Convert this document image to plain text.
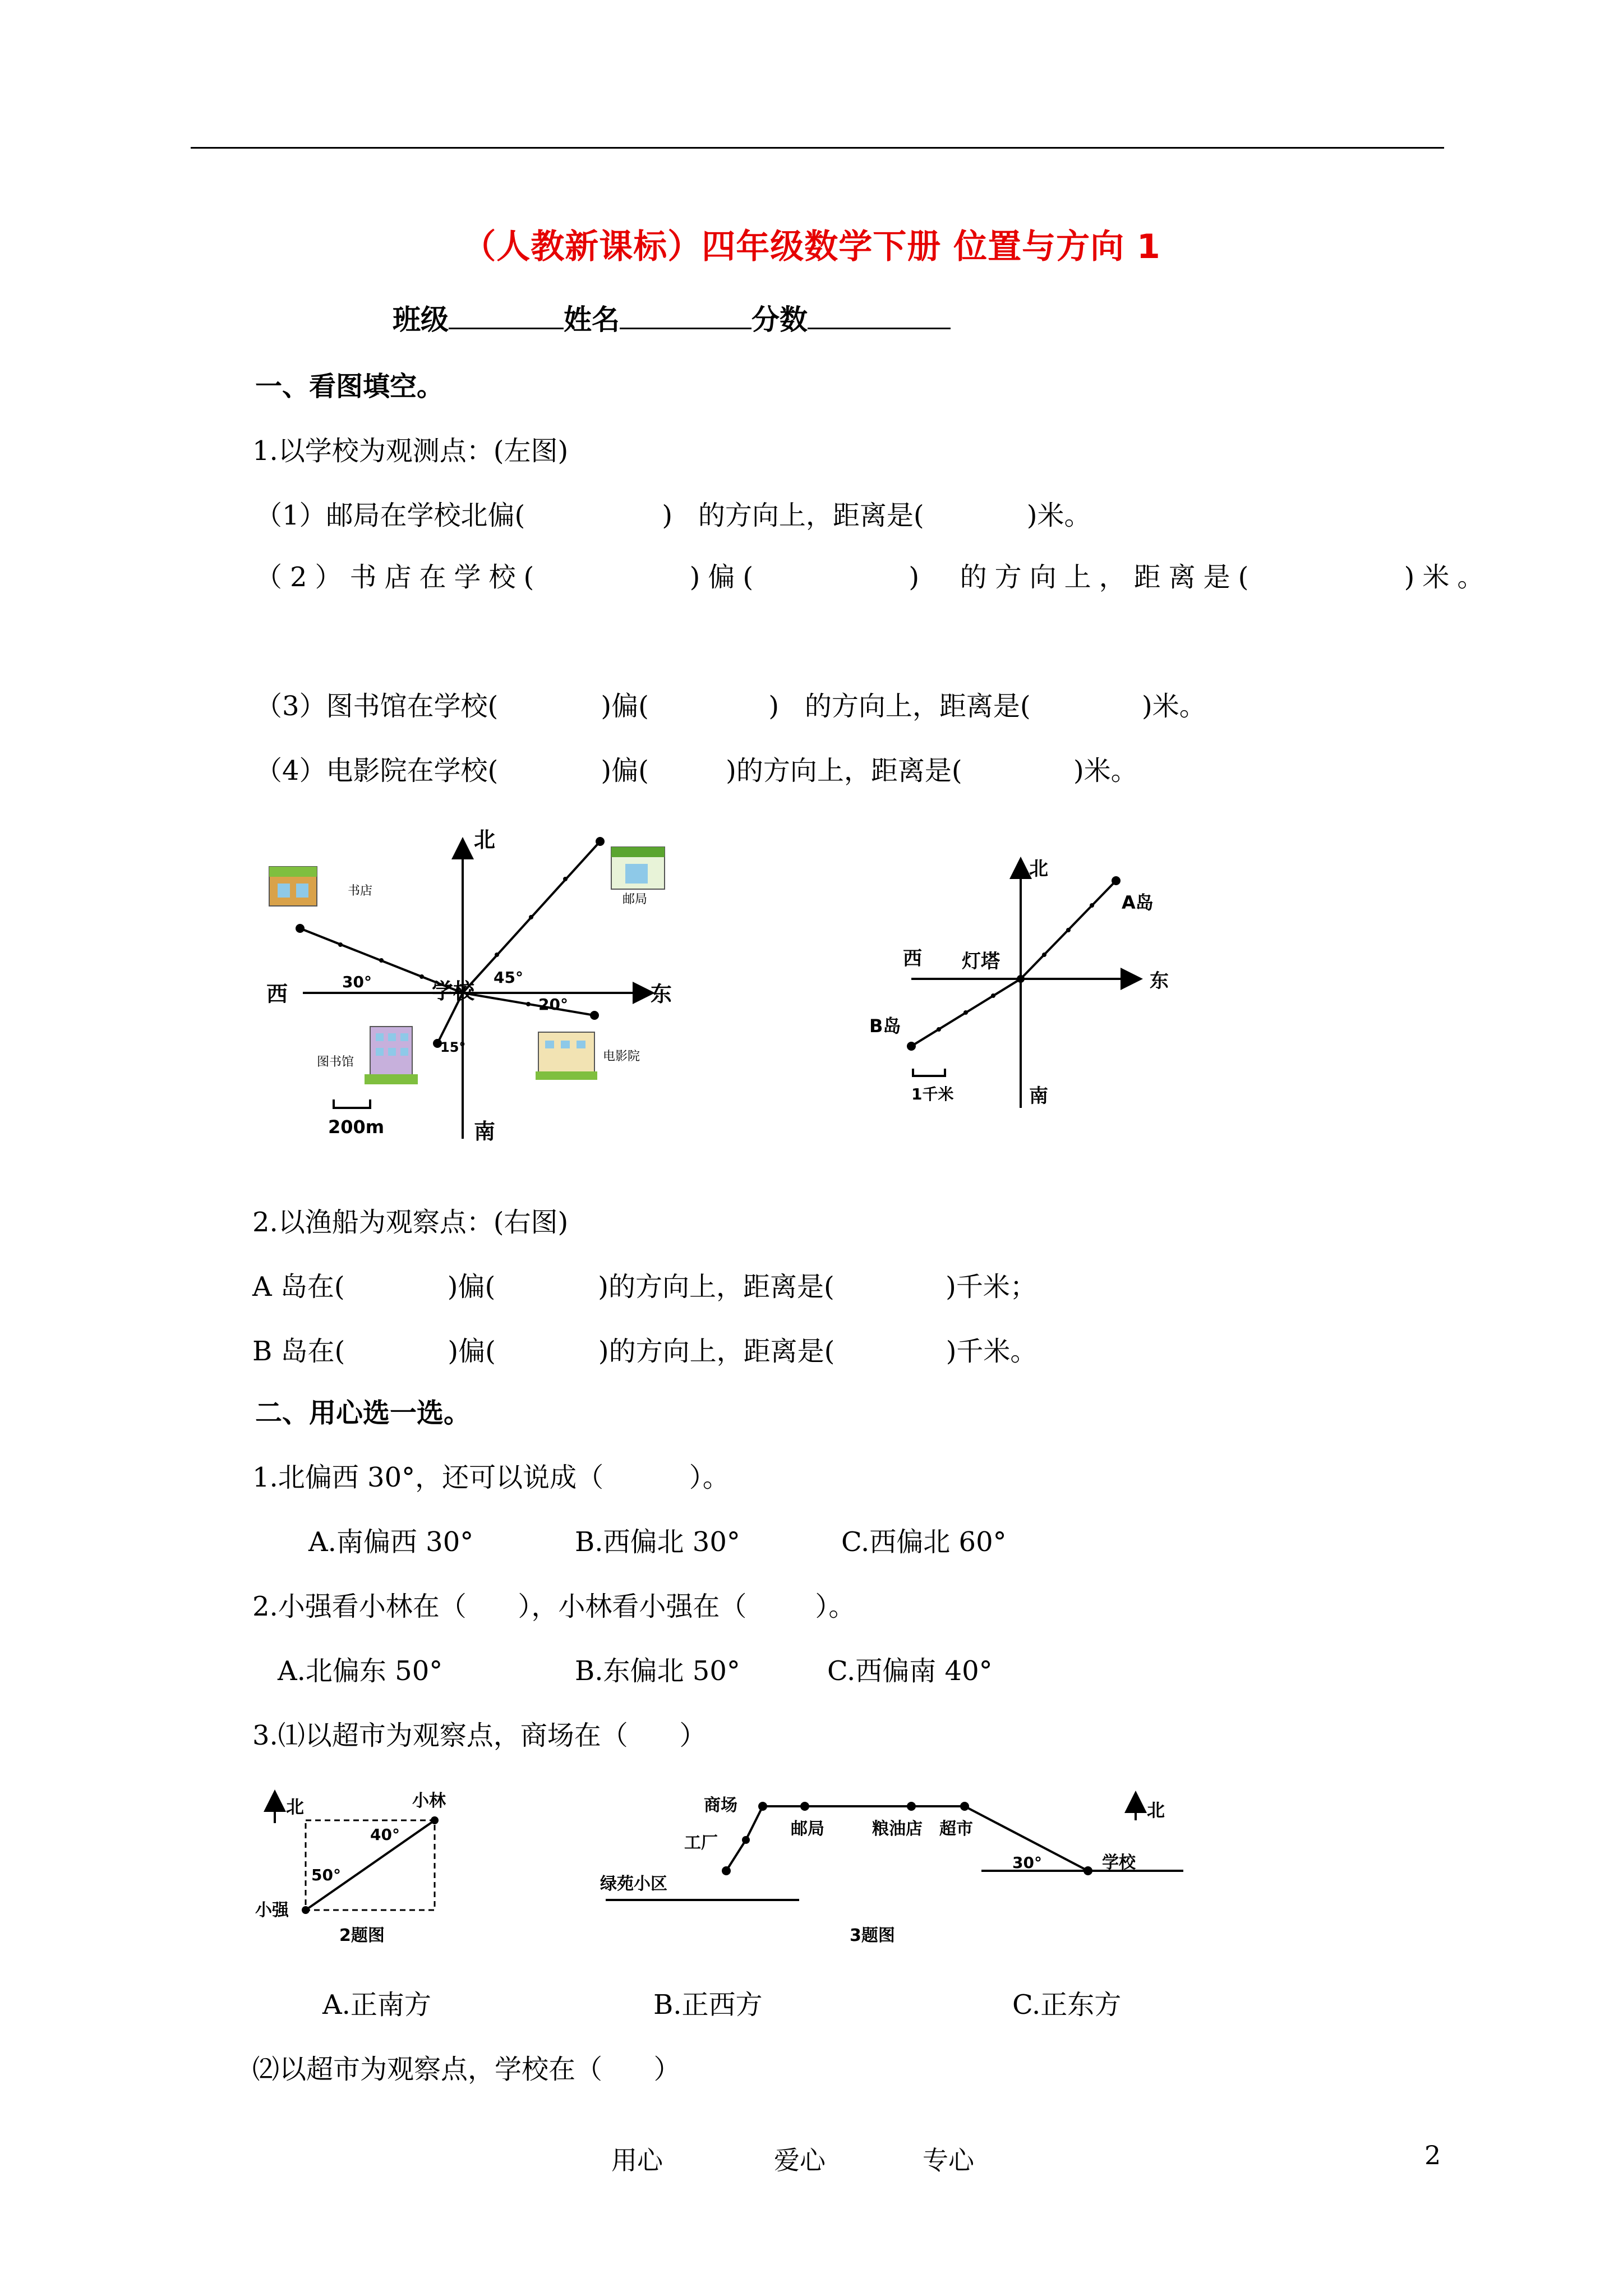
（人教新课标）四年级数学下册 位置与方向 1
班级	姓名	分数
一、看图填空。
1.以学校为观测点：(左图)
（1）邮局在学校北偏(                )   的方向上，距离是(            )米。
（2）书店在学校(         )偏(         )  的方向上，距离是(         )米。
（3）图书馆在学校(            )偏(              )   的方向上，距离是(             )米。
（4）电影院在学校(            )偏(         )的方向上，距离是(             )米。
北
南
东
西	学校
30°	45°
20°
15°
书店
邮局
图书馆	电影院
200m
北
南
东
西 灯塔
A岛
B岛
1千米
2.以渔船为观察点：(右图)
A 岛在(            )偏(            )的方向上，距离是(             )千米；
B 岛在(            )偏(            )的方向上，距离是(             )千米。
二、用心选一选。
1.北偏西 30°，还可以说成（          ）。
A.南偏西 30°	B.西偏北 30°	C.西偏北 60°
2.小强看小林在（      ），小林看小强在（        ）。
A.北偏东 50°	B.东偏北 50°	C.西偏南 40°
3.⑴以超市为观察点，商场在（      ）
北	小林
小强
50°
40°
2题图
商场
工厂
邮局	粮油店 超市
学校
绿苑小区
30°
北
3题图
A.正南方	B.正西方	C.正东方
⑵以超市为观察点，学校在（      ）
用心	爱心	专心	2
